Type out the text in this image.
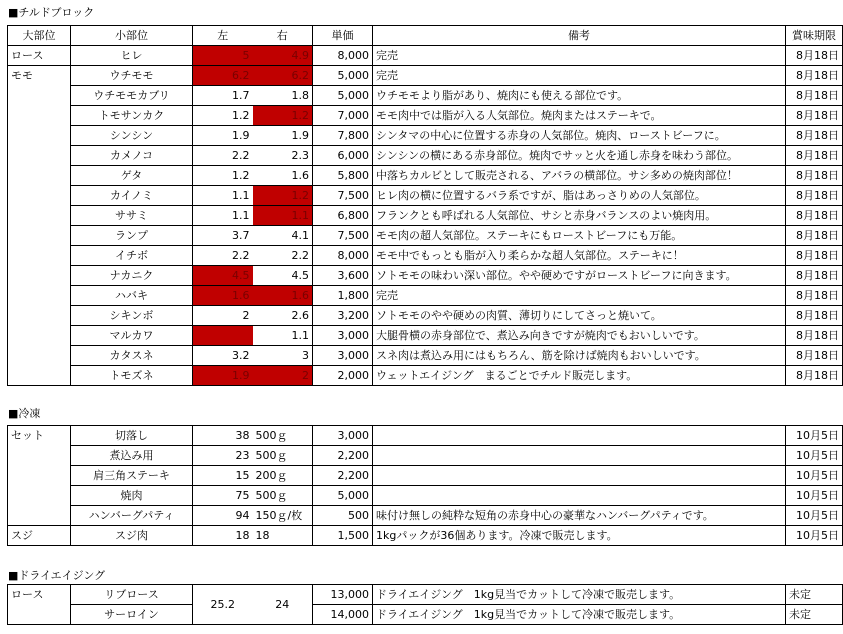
■チルドブロック
大部位	小部位	左	右	単価	備考	賞味期限
ロース	ヒレ	5	4.9	8,000	完売	8月18日
モモ	ウチモモ	6.2	6.2	5,000	完売	8月18日
	ウチモモカブリ	1.7	1.8	5,000	ウチモモより脂があり、焼肉にも使える部位です。	8月18日
	トモサンカク	1.2	1.2	7,000	モモ肉中では脂が入る人気部位。焼肉またはステーキで。	8月18日
	シンシン	1.9	1.9	7,800	シンタマの中心に位置する赤身の人気部位。焼肉、ローストビーフに。	8月18日
	カメノコ	2.2	2.3	6,000	シンシンの横にある赤身部位。焼肉でサッと火を通し赤身を味わう部位。	8月18日
	ゲタ	1.2	1.6	5,800	中落ちカルビとして販売される、アバラの横部位。サシ多めの焼肉部位！	8月18日
	カイノミ	1.1	1.2	7,500	ヒレ肉の横に位置するバラ系ですが、脂はあっさりめの人気部位。	8月18日
	ササミ	1.1	1.1	6,800	フランクとも呼ばれる人気部位、サシと赤身バランスのよい焼肉用。	8月18日
	ランプ	3.7	4.1	7,500	モモ肉の超人気部位。ステーキにもローストビーフにも万能。	8月18日
	イチボ	2.2	2.2	8,000	モモ中でもっとも脂が入り柔らかな超人気部位。ステーキに！	8月18日
	ナカニク	4.5	4.5	3,600	ソトモモの味わい深い部位。やや硬めですがローストビーフに向きます。	8月18日
	ハバキ	1.6	1.6	1,800	完売	8月18日
	シキンボ	2	2.6	3,200	ソトモモのやや硬めの肉質、薄切りにしてさっと焼いて。	8月18日
	マルカワ		1.1	3,000	大腿骨横の赤身部位で、煮込み向きですが焼肉でもおいしいです。	8月18日
	カタスネ	3.2	3	3,000	スネ肉は煮込み用にはもちろん、筋を除けば焼肉もおいしいです。	8月18日
	トモズネ	1.9	2	2,000	ウェットエイジング　まるごとでチルド販売します。	8月18日
■冷凍
セット	切落し	38	500ｇ	3,000		10月5日
	煮込み用	23	500ｇ	2,200		10月5日
	肩三角ステーキ	15	200ｇ	2,200		10月5日
	焼肉	75	500ｇ	5,000		10月5日
	ハンバーグパティ	94	150ｇ/枚	500	味付け無しの純粋な短角の赤身中心の豪華なハンバーグパティです。	10月5日
スジ	スジ肉	18	18	1,500	1kgパックが36個あります。冷凍で販売します。	10月5日
■ドライエイジング
ロース	リブロース	25.2	24	13,000	ドライエイジング　1kg見当でカットして冷凍で販売します。	未定
	サーロイン			14,000	ドライエイジング　1kg見当でカットして冷凍で販売します。	未定
